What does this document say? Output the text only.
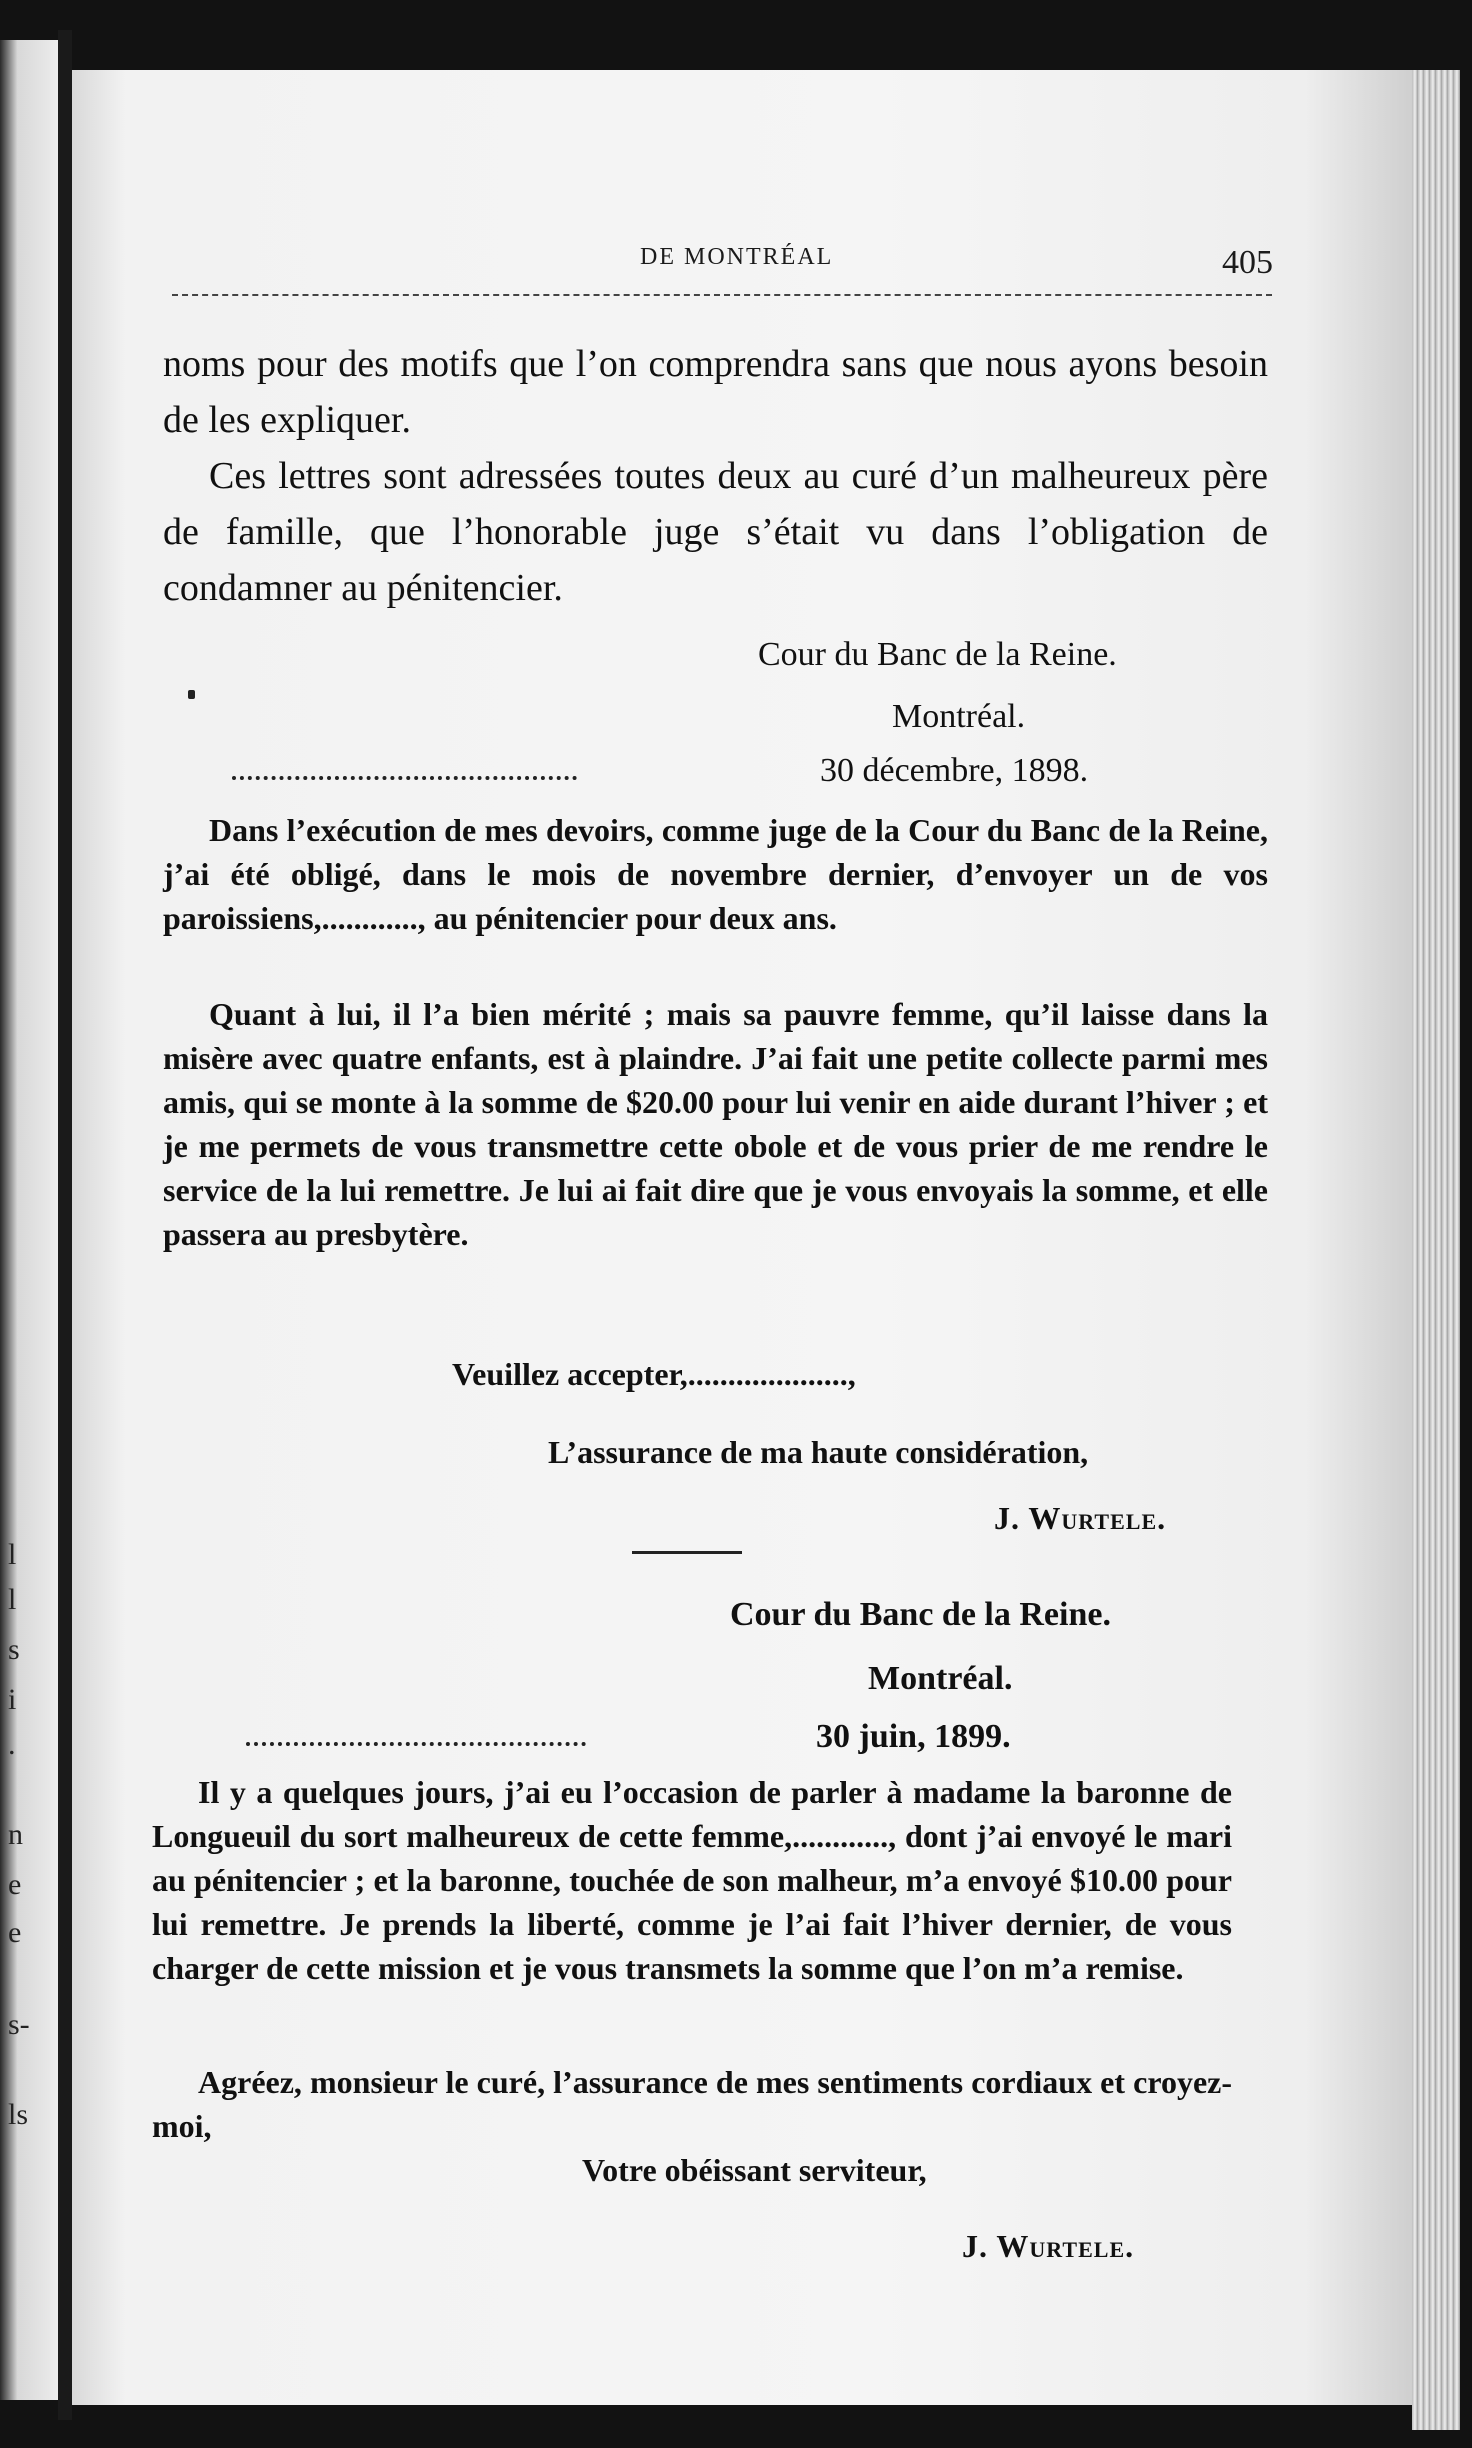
l
l
s
i
.
n
e
e
s-
ls
DE MONTRÉAL	405
noms pour des motifs que l’on comprendra sans que nous ayons besoin de les expliquer.
Ces lettres sont adressées toutes deux au curé d’un malheureux père de famille, que l’honorable juge s’était vu dans l’obligation de condamner au pénitencier.
Cour du Banc de la Reine.
Montréal.
30 décembre, 1898.
Dans l’exécution de mes devoirs, comme juge de la Cour du Banc de la Reine, j’ai été obligé, dans le mois de novembre dernier, d’envoyer un de vos paroissiens,............, au pénitencier pour deux ans.
Quant à lui, il l’a bien mérité ; mais sa pauvre femme, qu’il laisse dans la misère avec quatre enfants, est à plaindre. J’ai fait une petite collecte parmi mes amis, qui se monte à la somme de $20.00 pour lui venir en aide durant l’hiver ; et je me permets de vous transmettre cette obole et de vous prier de me rendre le service de la lui remettre. Je lui ai fait dire que je vous envoyais la somme, et elle passera au presbytère.
Veuillez accepter,....................,
L’assurance de ma haute considération,
J. Wurtele.
Cour du Banc de la Reine.
Montréal.
30 juin, 1899.
Il y a quelques jours, j’ai eu l’occasion de parler à madame la baronne de Longueuil du sort malheureux de cette femme,............, dont j’ai envoyé le mari au pénitencier ; et la baronne, touchée de son malheur, m’a envoyé $10.00 pour lui remettre. Je prends la liberté, comme je l’ai fait l’hiver dernier, de vous charger de cette mission et je vous transmets la somme que l’on m’a remise.
Agréez, monsieur le curé, l’assurance de mes sentiments cordiaux et croyez-moi,
Votre obéissant serviteur,
J. Wurtele.
